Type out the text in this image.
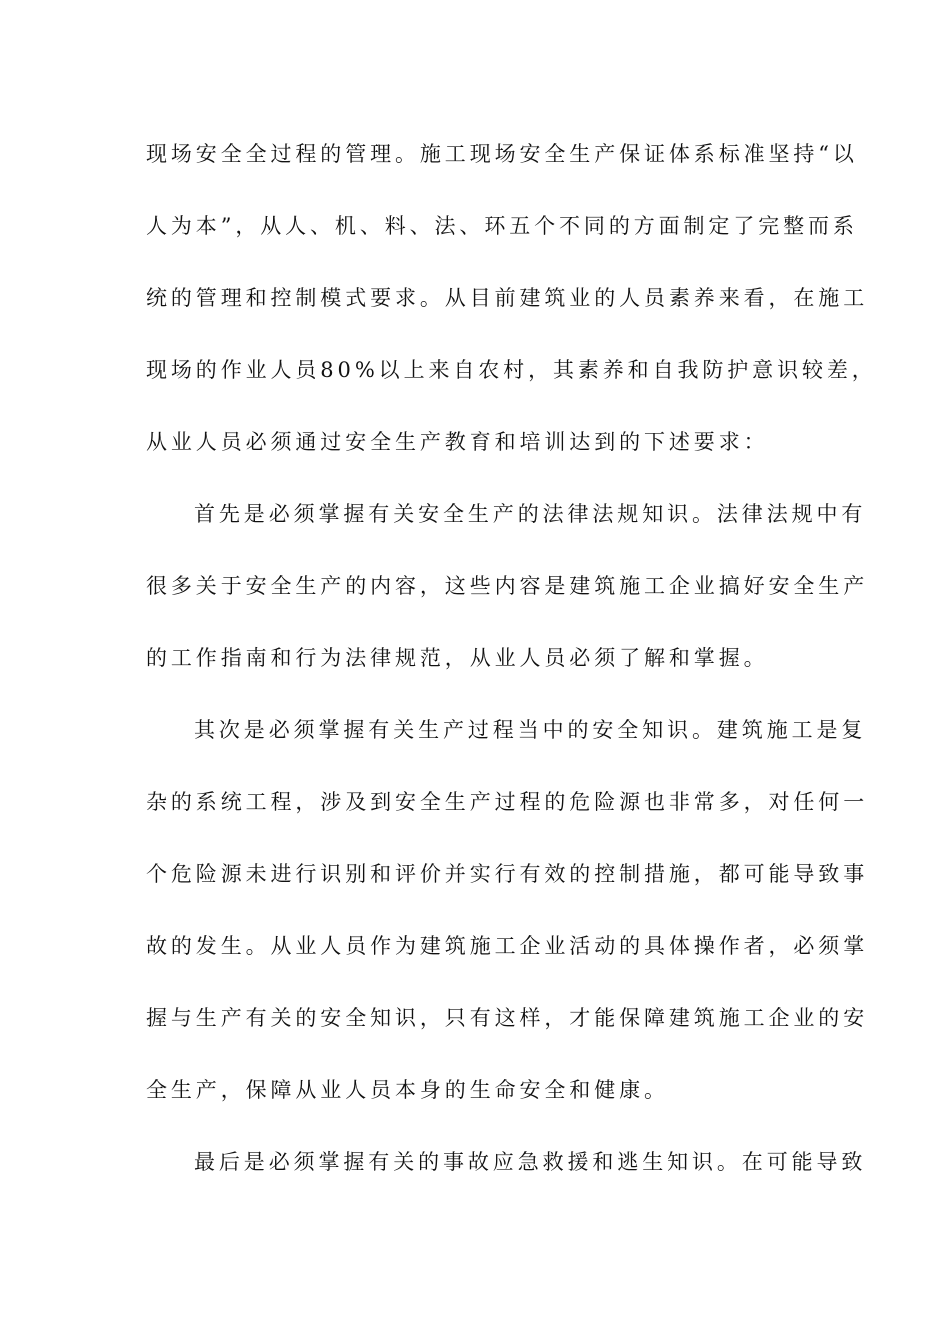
现场安全全过程的管理。施工现场安全生产保证体系标准坚持“以
人为本”，从人、机、料、法、环五个不同的方面制定了完整而系
统的管理和控制模式要求。从目前建筑业的人员素养来看，在施工
现场的作业人员80%以上来自农村，其素养和自我防护意识较差，
从业人员必须通过安全生产教育和培训达到的下述要求：
首先是必须掌握有关安全生产的法律法规知识。法律法规中有
很多关于安全生产的内容，这些内容是建筑施工企业搞好安全生产
的工作指南和行为法律规范，从业人员必须了解和掌握。
其次是必须掌握有关生产过程当中的安全知识。建筑施工是复
杂的系统工程，涉及到安全生产过程的危险源也非常多，对任何一
个危险源未进行识别和评价并实行有效的控制措施，都可能导致事
故的发生。从业人员作为建筑施工企业活动的具体操作者，必须掌
握与生产有关的安全知识，只有这样，才能保障建筑施工企业的安
全生产，保障从业人员本身的生命安全和健康。
最后是必须掌握有关的事故应急救援和逃生知识。在可能导致
